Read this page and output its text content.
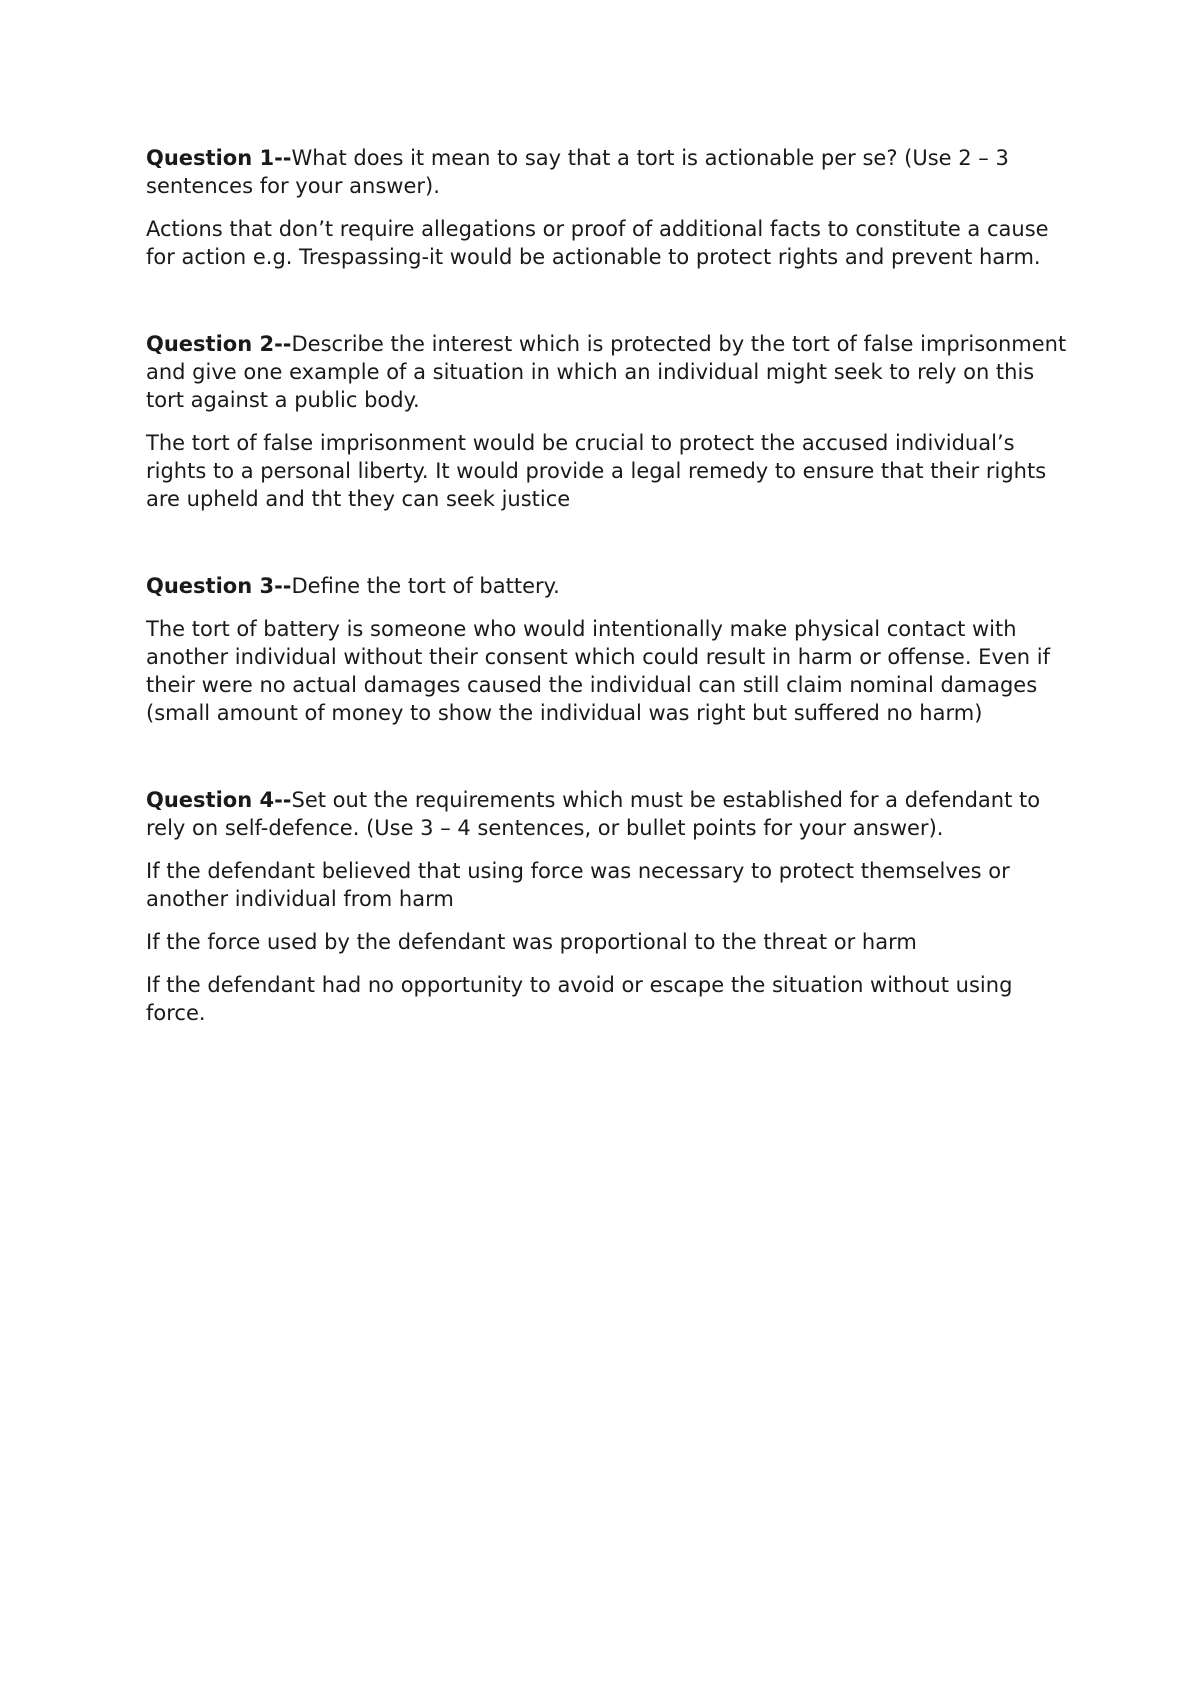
Question 1--What does it mean to say that a tort is actionable per se? (Use 2 – 3 sentences for your answer).

Actions that don’t require allegations or proof of additional facts to constitute a cause for action e.g. Trespassing-it would be actionable to protect rights and prevent harm.

Question 2--Describe the interest which is protected by the tort of false imprisonment and give one example of a situation in which an individual might seek to rely on this tort against a public body.

The tort of false imprisonment would be crucial to protect the accused individual’s rights to a personal liberty. It would provide a legal remedy to ensure that their rights are upheld and tht they can seek justice

Question 3--Define the tort of battery.

The tort of battery is someone who would intentionally make physical contact with another individual without their consent which could result in harm or offense. Even if their were no actual damages caused the individual can still claim nominal damages (small amount of money to show the individual was right but suffered no harm)

Question 4--Set out the requirements which must be established for a defendant to rely on self-defence. (Use 3 – 4 sentences, or bullet points for your answer).

If the defendant believed that using force was necessary to protect themselves or another individual from harm

If the force used by the defendant was proportional to the threat or harm

If the defendant had no opportunity to avoid or escape the situation without using force.
